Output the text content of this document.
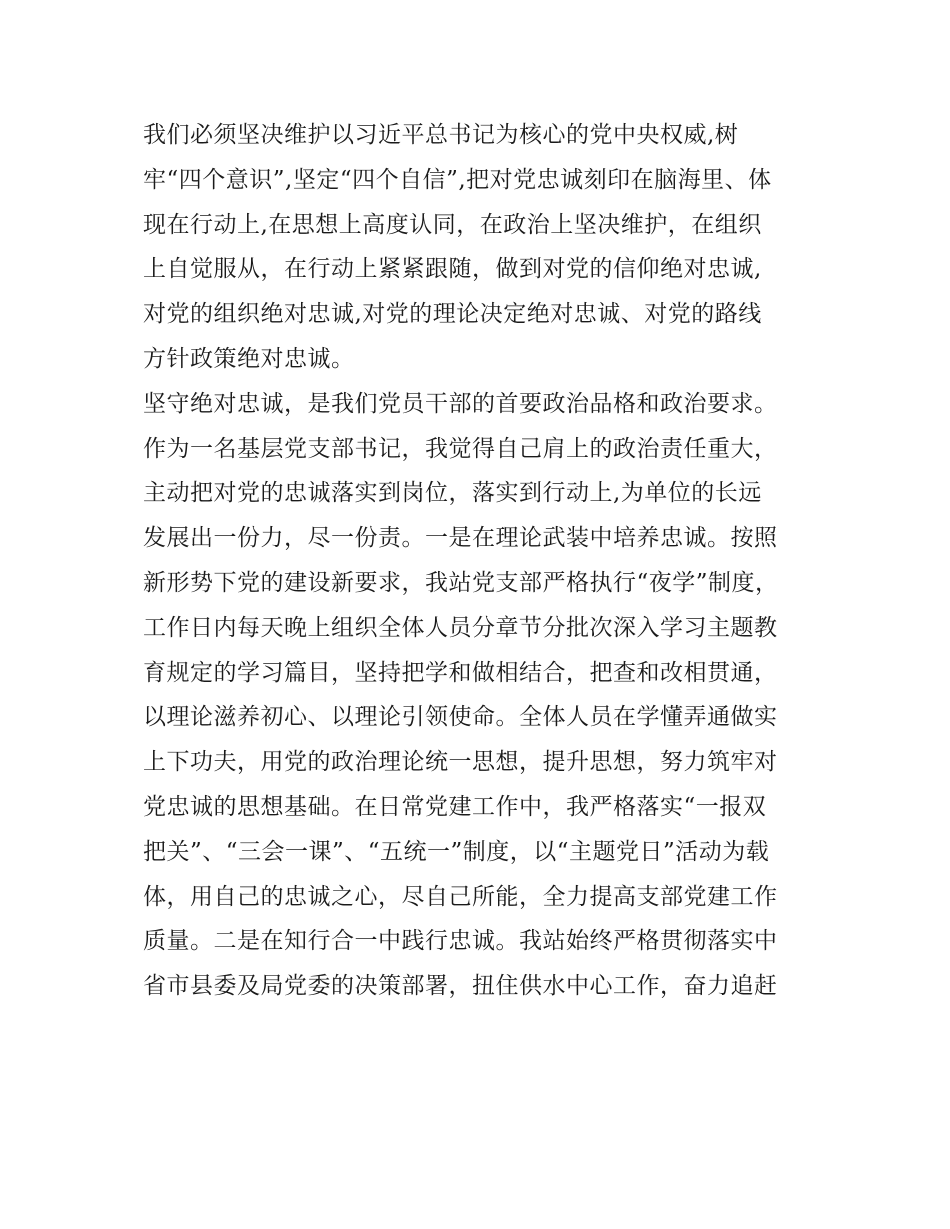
我们必须坚决维护以习近平总书记为核心的党中央权威,树
牢“四个意识”,坚定“四个自信”,把对党忠诚刻印在脑海里、体
现在行动上,在思想上高度认同，在政治上坚决维护，在组织
上自觉服从，在行动上紧紧跟随，做到对党的信仰绝对忠诚,
对党的组织绝对忠诚,对党的理论决定绝对忠诚、对党的路线
方针政策绝对忠诚。
坚守绝对忠诚，是我们党员干部的首要政治品格和政治要求。
作为一名基层党支部书记，我觉得自己肩上的政治责任重大，
主动把对党的忠诚落实到岗位，落实到行动上,为单位的长远
发展出一份力，尽一份责。一是在理论武装中培养忠诚。按照
新形势下党的建设新要求，我站党支部严格执行“夜学”制度，
工作日内每天晚上组织全体人员分章节分批次深入学习主题教
育规定的学习篇目，坚持把学和做相结合，把查和改相贯通，
以理论滋养初心、以理论引领使命。全体人员在学懂弄通做实
上下功夫，用党的政治理论统一思想，提升思想，努力筑牢对
党忠诚的思想基础。在日常党建工作中，我严格落实“一报双
把关”、“三会一课”、“五统一”制度，以“主题党日”活动为载
体，用自己的忠诚之心，尽自己所能，全力提高支部党建工作
质量。二是在知行合一中践行忠诚。我站始终严格贯彻落实中
省市县委及局党委的决策部署，扭住供水中心工作，奋力追赶
